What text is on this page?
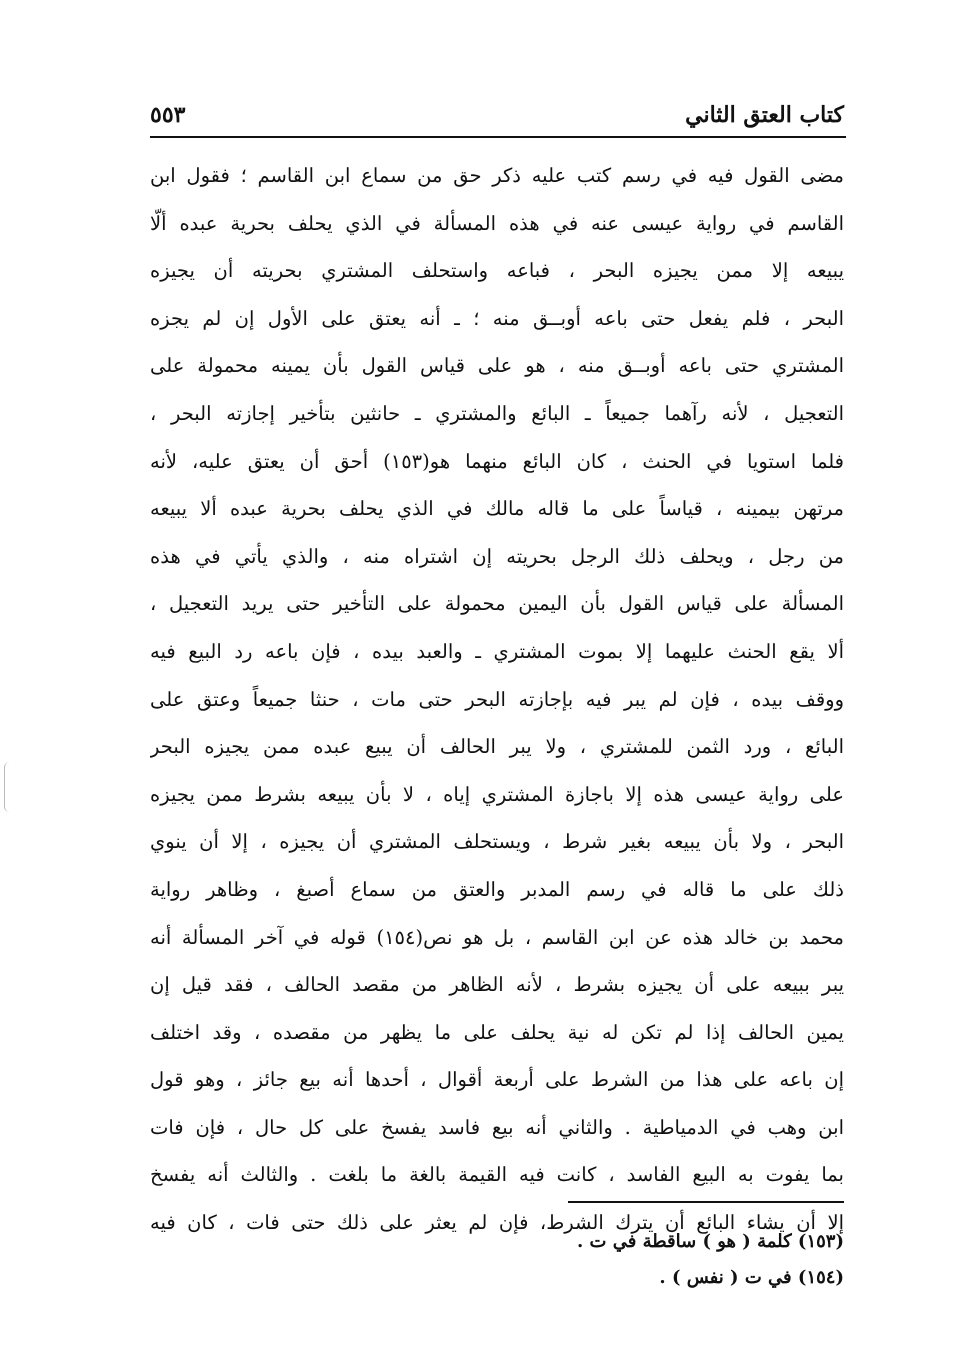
كتاب العتق الثاني
٥٥٣
مضى القول فيه في رسم كتب عليه ذكر حق من سماع ابن القاسم ؛ فقول ابن
القاسم في رواية عيسى عنه في هذه المسألة في الذي يحلف بحرية عبده ألّا
يبيعه إلا ممن يجيزه البحر ، فباعه واستحلف المشتري بحريته أن يجيزه
البحر ، فلم يفعل حتى باعه أوبــق منه ؛ ـ أنه يعتق على الأول إن لم يجزه
المشتري حتى باعه أوبــق منه ، هو على قياس القول بأن يمينه محمولة على
التعجيل ، لأنه رآهما جميعاً ـ البائع والمشتري ـ حانثين بتأخير إجازته البحر ،
فلما استويا في الحنث ، كان البائع منهما هو(١٥٣) أحق أن يعتق عليه، لأنه
مرتهن بيمينه ، قياساً على ما قاله مالك في الذي يحلف بحرية عبده ألا يبيعه
من رجل ، ويحلف ذلك الرجل بحريته إن اشتراه منه ، والذي يأتي في هذه
المسألة على قياس القول بأن اليمين محمولة على التأخير حتى يريد التعجيل ،
ألا يقع الحنث عليهما إلا بموت المشتري ـ والعبد بيده ، فإن باعه رد البيع فيه
ووقف بيده ، فإن لم يبر فيه بإجازته البحر حتى مات ، حنثا جميعاً وعتق على
البائع ، ورد الثمن للمشتري ، ولا يبر الحالف أن يبيع عبده ممن يجيزه البحر
على رواية عيسى هذه إلا باجازة المشتري إياه ، لا بأن يبيعه بشرط ممن يجيزه
البحر ، ولا بأن يبيعه بغير شرط ، ويستحلف المشتري أن يجيزه ، إلا أن ينوي
ذلك على ما قاله في رسم المدبر والعتق من سماع أصبغ ، وظاهر رواية
محمد بن خالد هذه عن ابن القاسم ، بل هو نص(١٥٤) قوله في آخر المسألة أنه
يبر ببيعه على أن يجيزه بشرط ، لأنه الظاهر من مقصد الحالف ، فقد قيل إن
يمين الحالف إذا لم تكن له نية يحلف على ما يظهر من مقصده ، وقد اختلف
إن باعه على هذا من الشرط على أربعة أقوال ، أحدها أنه بيع جائز ، وهو قول
ابن وهب في الدمياطية . والثاني أنه بيع فاسد يفسخ على كل حال ، فإن فات
بما يفوت به البيع الفاسد ، كانت فيه القيمة بالغة ما بلغت . والثالث أنه يفسخ
إلا أن يشاء البائع أن يترك الشرط، فإن لم يعثر على ذلك حتى فات ، كان فيه
(١٥٣) كلمة ( هو ) ساقطة في ت .
(١٥٤) في ت ( نفس ) .
